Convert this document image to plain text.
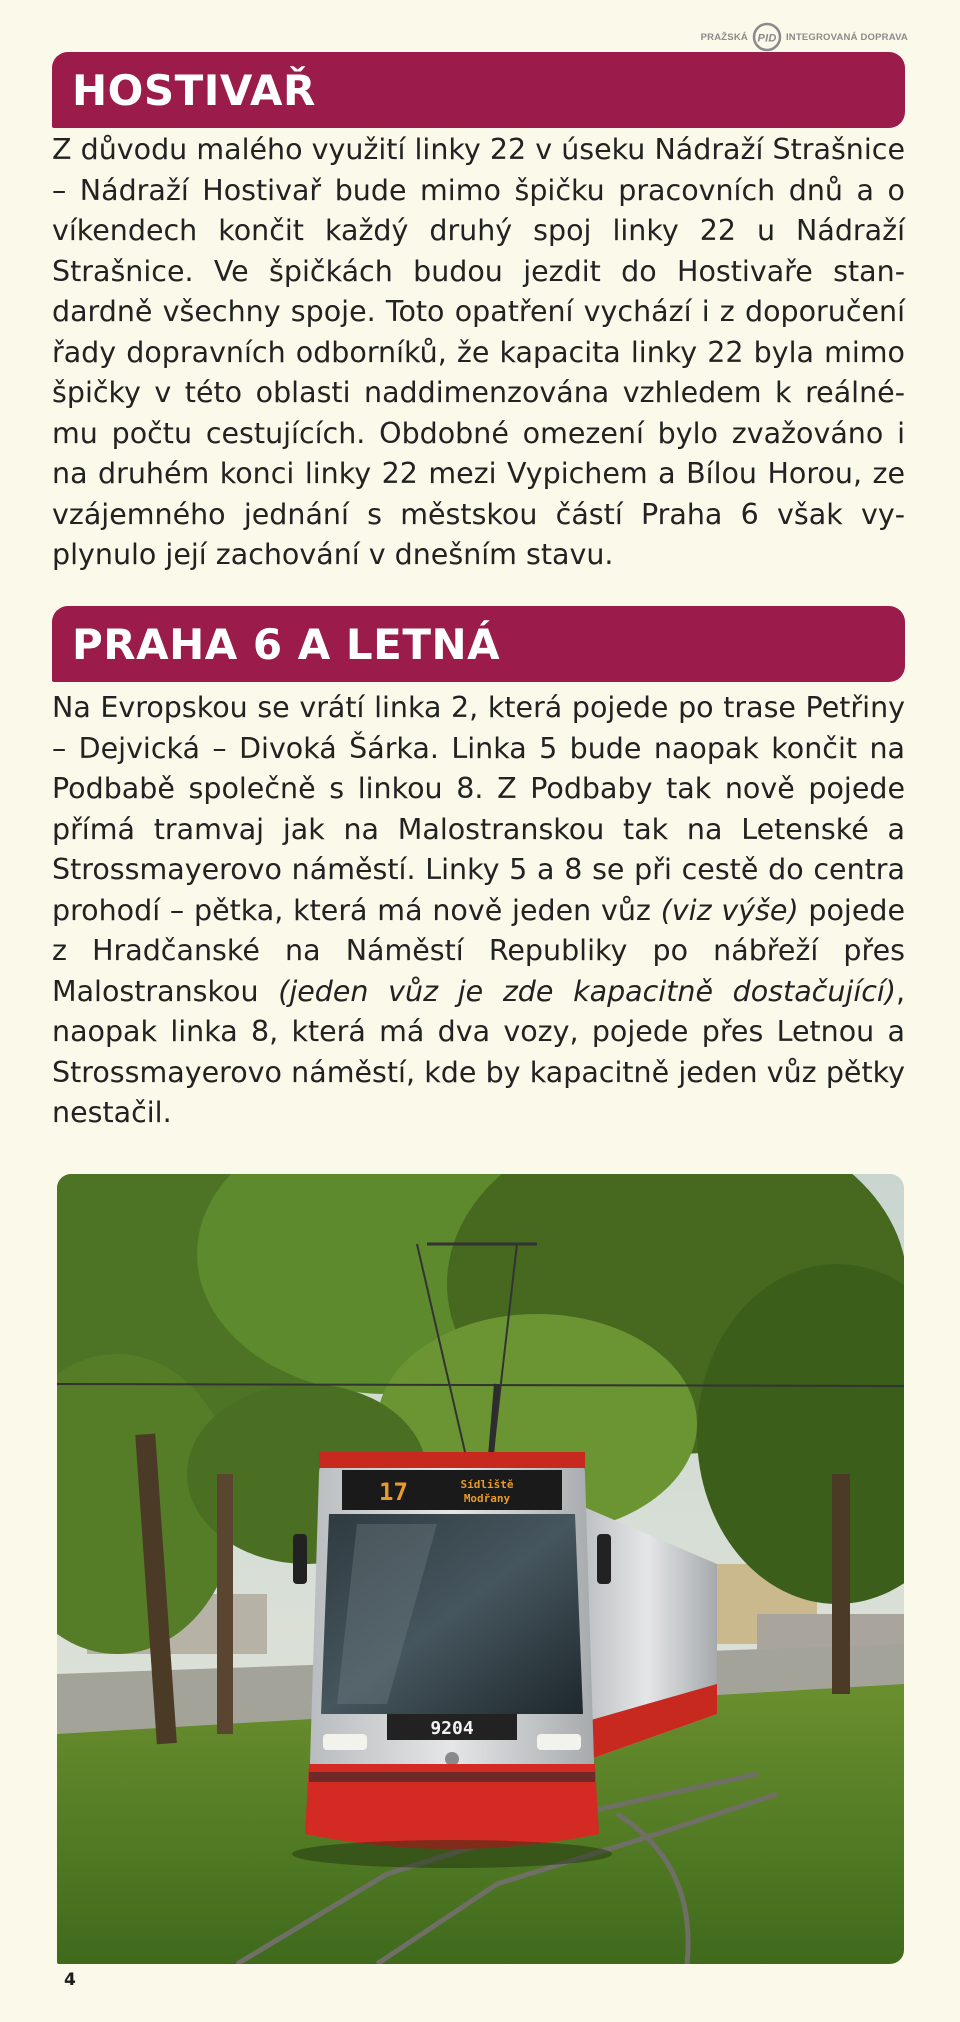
PRAŽSKÁ PID INTEGROVANÁ DOPRAVA
HOSTIVAŘ

Z důvodu malého využití linky 22 v úseku Nádraží Strašnice – Nádraží Hostivař bude mimo špičku pracovních dnů a o víkendech končit každý druhý spoj linky 22 u Nádraží Strašnice. Ve špičkách budou jezdit do Hostivaře standardně všechny spoje. Toto opatření vychází i z doporučení řady dopravních odborníků, že kapacita linky 22 byla mimo špičky v této oblasti naddimenzována vzhledem k reálnému počtu cestujících. Obdobné omezení bylo zvažováno i na druhém konci linky 22 mezi Vypichem a Bílou Horou, ze vzájemného jednání s městskou částí Praha 6 však vyplynulo její zachování v dnešním stavu.

PRAHA 6 A LETNÁ

Na Evropskou se vrátí linka 2, která pojede po trase Petřiny – Dejvická – Divoká Šárka. Linka 5 bude naopak končit na Podbabě společně s linkou 8. Z Podbaby tak nově pojede přímá tramvaj jak na Malostranskou tak na Letenské a Strossmayerovo náměstí. Linky 5 a 8 se při cestě do centra prohodí – pětka, která má nově jeden vůz (viz výše) pojede z Hradčanské na Náměstí Republiky po nábřeží přes Malostranskou (jeden vůz je zde kapacitně dostačující), naopak linka 8, která má dva vozy, pojede přes Letnou a Strossmayerovo náměstí, kde by kapacitně jeden vůz pětky nestačil.

17	Sídliště
Modřany
9204
4
